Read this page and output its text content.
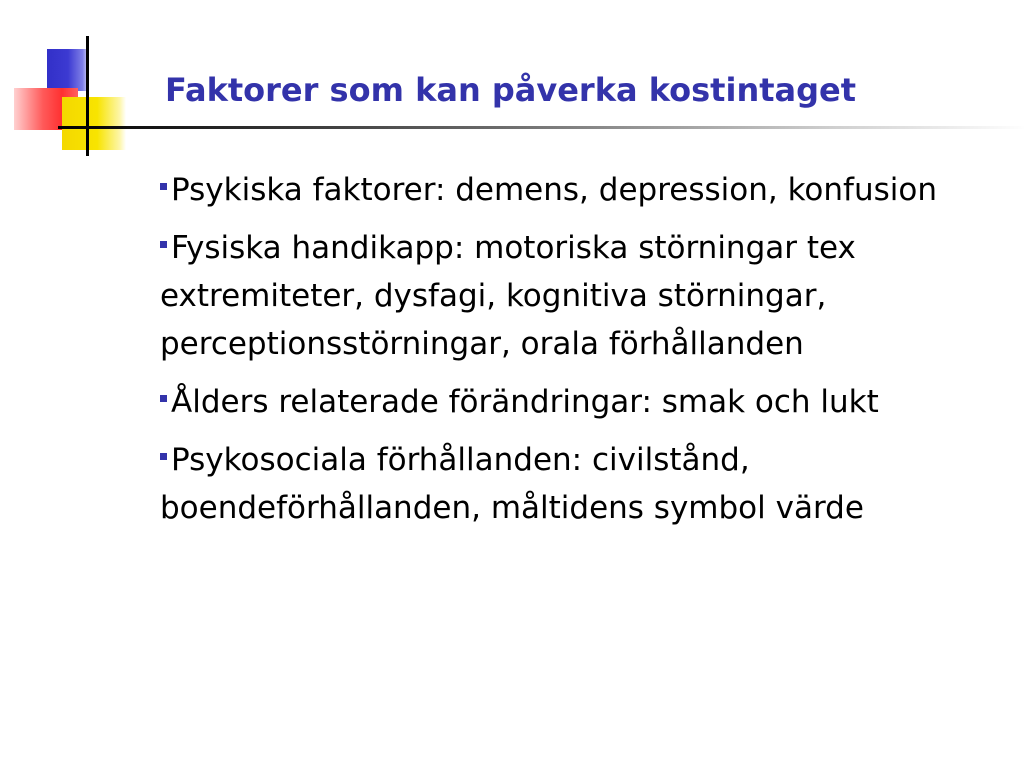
Faktorer som kan påverka kostintaget
Psykiska faktorer: demens, depression, konfusion
Fysiska handikapp: motoriska störningar tex extremiteter, dysfagi, kognitiva störningar, perceptionsstörningar, orala förhållanden
Ålders relaterade förändringar: smak och lukt
Psykosociala förhållanden: civilstånd, boendeförhållanden, måltidens symbol värde
